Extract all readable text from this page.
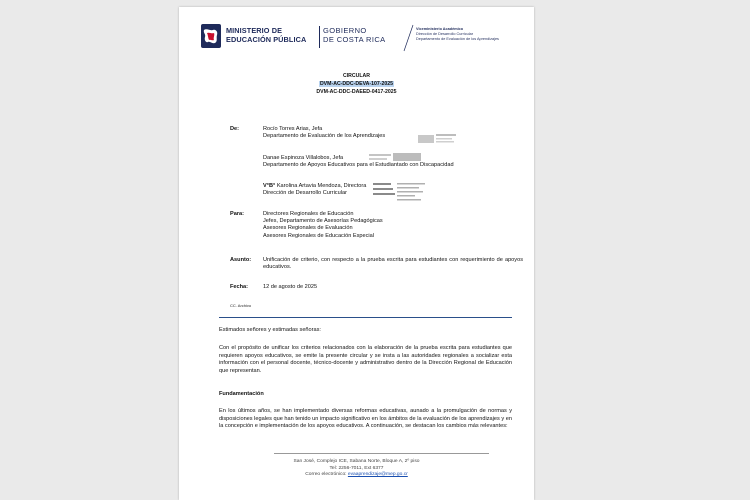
MINISTERIO DE
EDUCACIÓN PÚBLICA
GOBIERNO
DE COSTA RICA
Viceministerio Académico
Dirección de Desarrollo Curricular
Departamento de Evaluación de los Aprendizajes
CIRCULAR
DVM-AC-DDC-DEVA-107-2025
DVM-AC-DDC-DAEED-0417-2025
De:	Rocío Torres Arias, Jefa
Departamento de Evaluación de los Aprendizajes
Danae Espinoza Villalobos, Jefa
Departamento de Apoyos Educativos para el Estudiantado con Discapacidad
V°B° Karolina Artavia Mendoza, Directora
Dirección de Desarrollo Curricular
Para:	Directores Regionales de Educación
Jefes, Departamento de Asesorías Pedagógicas
Asesores Regionales de Evaluación
Asesores Regionales de Educación Especial
Asunto: Unificación de criterio, con respecto a la prueba escrita para estudiantes con requerimiento de apoyos educativos.
Fecha:	12 de agosto de 2025
CC. Archivo
Estimados señores y estimadas señoras:
Con el propósito de unificar los criterios relacionados con la elaboración de la prueba escrita para estudiantes que requieren apoyos educativos, se emite la presente circular y se insta a las autoridades regionales a socializar esta información con el personal docente, técnico-docente y administrativo dentro de la Dirección Regional de Educación que representan.
Fundamentación
En los últimos años, se han implementado diversas reformas educativas, aunado a la promulgación de normas y disposiciones legales que han tenido un impacto significativo en los ámbitos de la evaluación de los aprendizajes y en la concepción e implementación de los apoyos educativos. A continuación, se destacan los cambios más relevantes:
San José, Complejo ICE, Sabana Norte, Bloque A, 2º piso
Tel: 2256-7011, Ext 6377
Correo electrónico: evaaprendizaje@mep.go.cr
